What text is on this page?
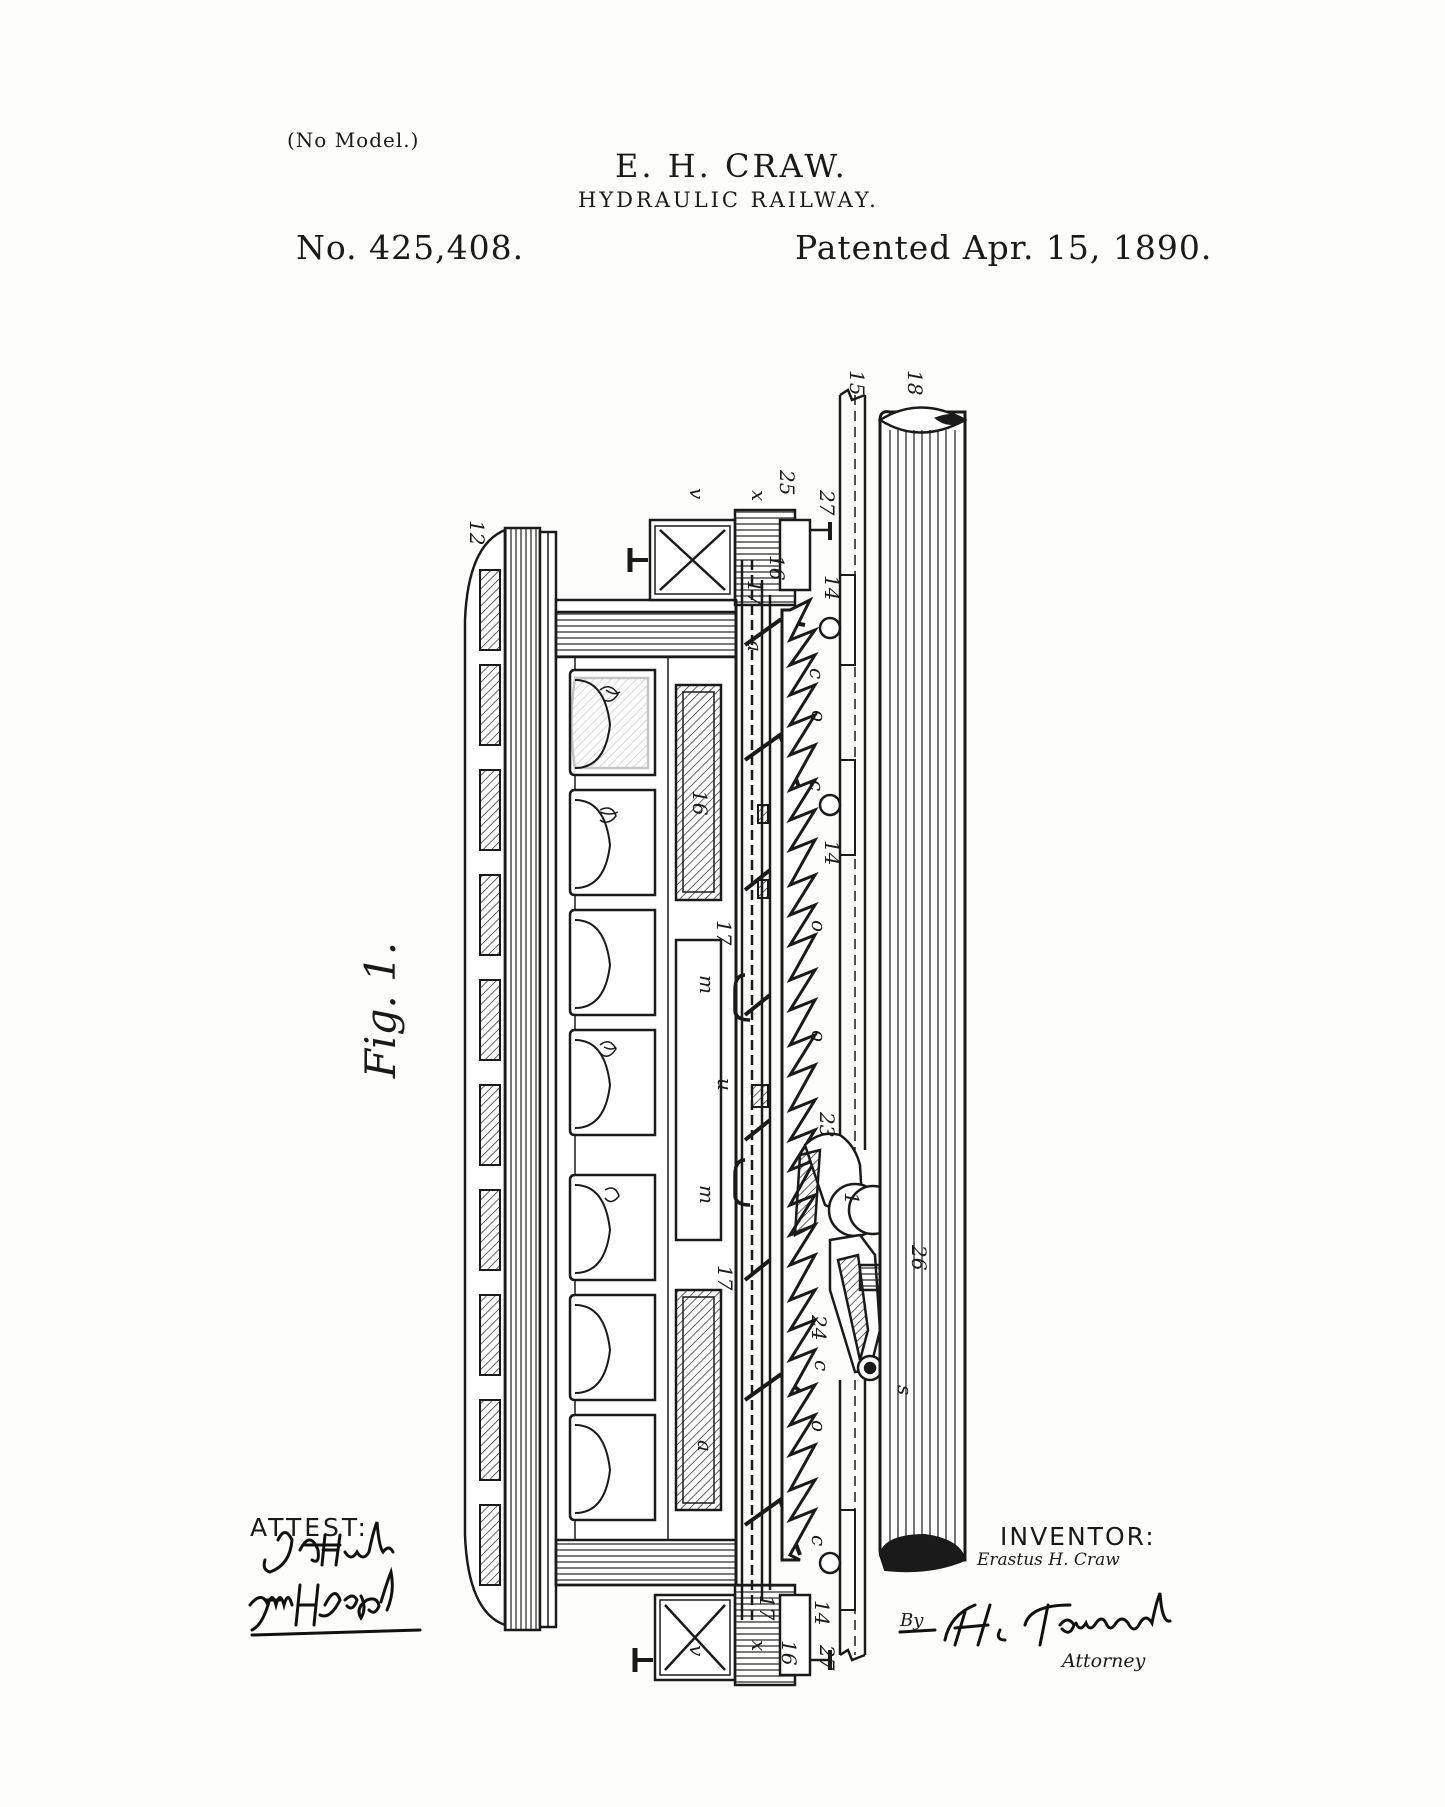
(No Model.)
E. H. CRAW.
HYDRAULIC RAILWAY.
No. 425,408.	Patented Apr. 15, 1890.
Fig. 1.
12
15 18
v x
25
27
16
17	14
a
c
o
14
c
16
17	o
m
o
u
23
m	1
26
17
24
s
c
o
a
c
17 14
16
x
v	27
ATTEST:	INVENTOR:
Erastus H. Craw
By
Attorney
